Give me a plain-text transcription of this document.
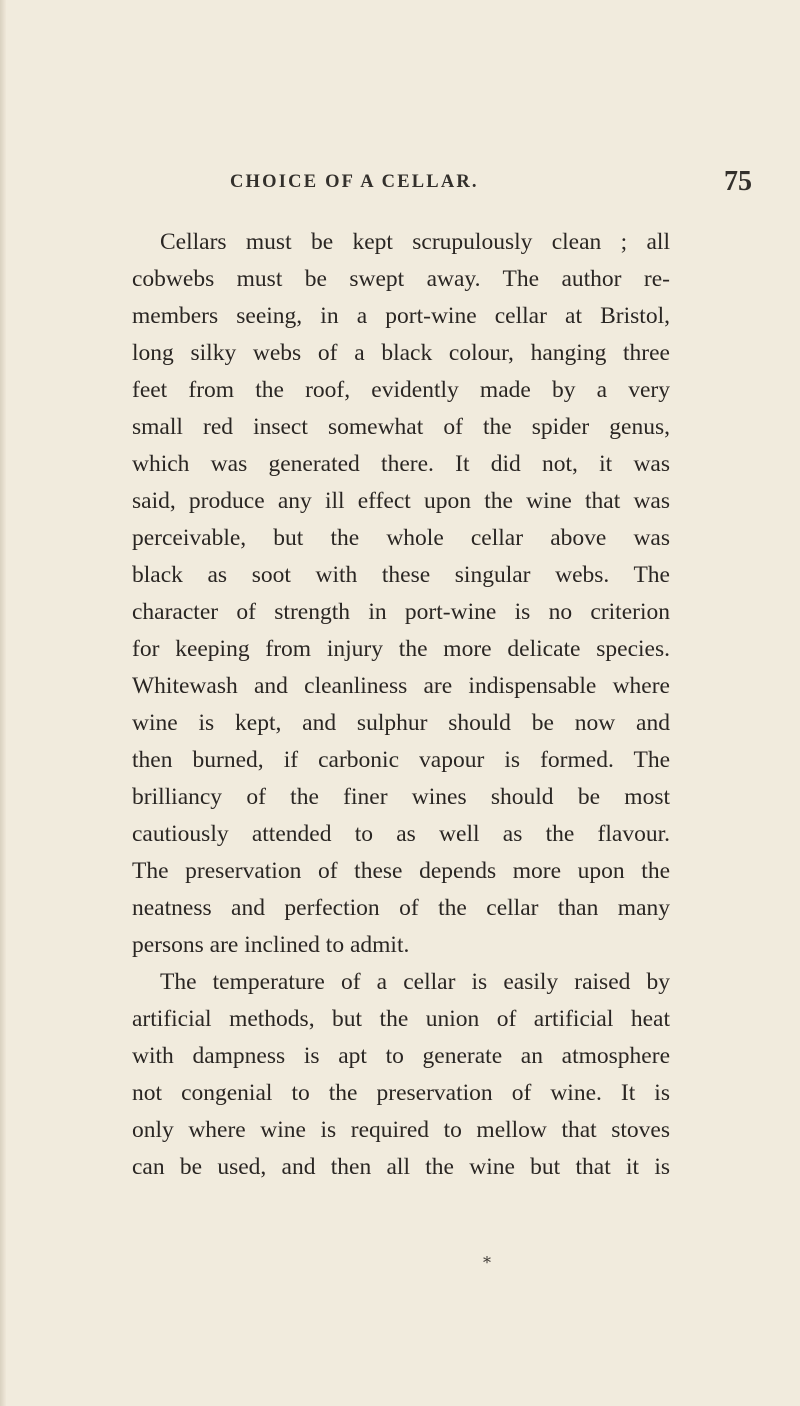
CHOICE OF A CELLAR.	75
Cellars must be kept scrupulously clean ; all
cobwebs must be swept away. The author re-
members seeing, in a port-wine cellar at Bristol,
long silky webs of a black colour, hanging three
feet from the roof, evidently made by a very
small red insect somewhat of the spider genus,
which was generated there. It did not, it was
said, produce any ill effect upon the wine that was
perceivable, but the whole cellar above was
black as soot with these singular webs. The
character of strength in port-wine is no criterion
for keeping from injury the more delicate species.
Whitewash and cleanliness are indispensable where
wine is kept, and sulphur should be now and
then burned, if carbonic vapour is formed. The
brilliancy of the finer wines should be most
cautiously attended to as well as the flavour.
The preservation of these depends more upon the
neatness and perfection of the cellar than many
persons are inclined to admit.
The temperature of a cellar is easily raised by
artificial methods, but the union of artificial heat
with dampness is apt to generate an atmosphere
not congenial to the preservation of wine. It is
only where wine is required to mellow that stoves
can be used, and then all the wine but that it is
*
